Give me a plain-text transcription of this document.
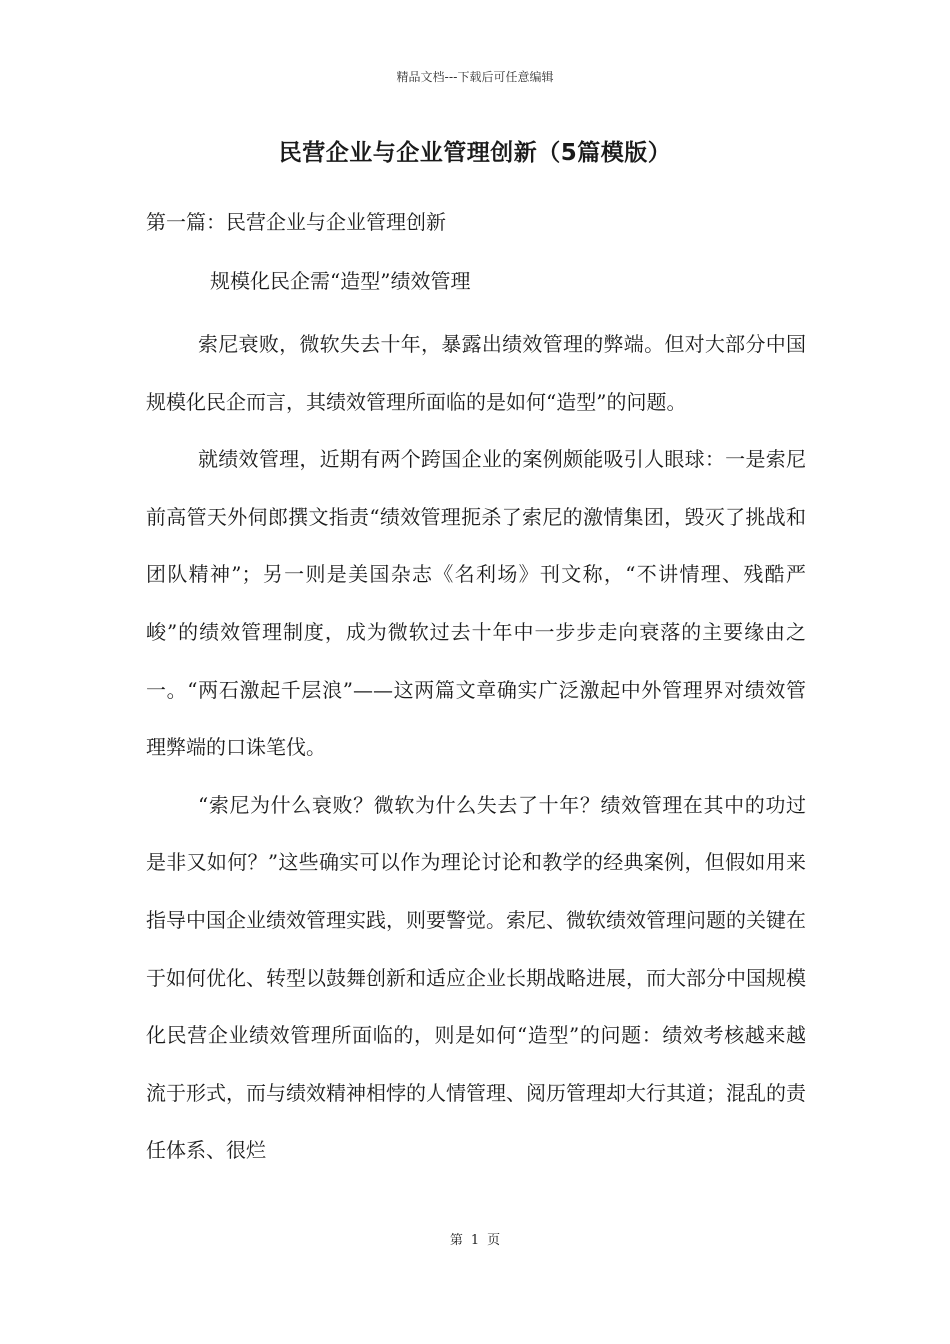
精品文档---下载后可任意编辑
民营企业与企业管理创新（5篇模版）
第一篇：民营企业与企业管理创新
规模化民企需“造型”绩效管理

索尼衰败，微软失去十年，暴露出绩效管理的弊端。但对大部分中国规模化民企而言，其绩效管理所面临的是如何“造型”的问题。

就绩效管理，近期有两个跨国企业的案例颇能吸引人眼球：一是索尼前高管天外伺郎撰文指责“绩效管理扼杀了索尼的激情集团，毁灭了挑战和团队精神”；另一则是美国杂志《名利场》刊文称，“不讲情理、残酷严峻”的绩效管理制度，成为微软过去十年中一步步走向衰落的主要缘由之一。“两石激起千层浪”——这两篇文章确实广泛激起中外管理界对绩效管理弊端的口诛笔伐。

“索尼为什么衰败？微软为什么失去了十年？绩效管理在其中的功过是非又如何？”这些确实可以作为理论讨论和教学的经典案例，但假如用来指导中国企业绩效管理实践，则要警觉。索尼、微软绩效管理问题的关键在于如何优化、转型以鼓舞创新和适应企业长期战略进展，而大部分中国规模化民营企业绩效管理所面临的，则是如何“造型”的问题：绩效考核越来越流于形式，而与绩效精神相悖的人情管理、阅历管理却大行其道；混乱的责任体系、很烂

第 1 页
